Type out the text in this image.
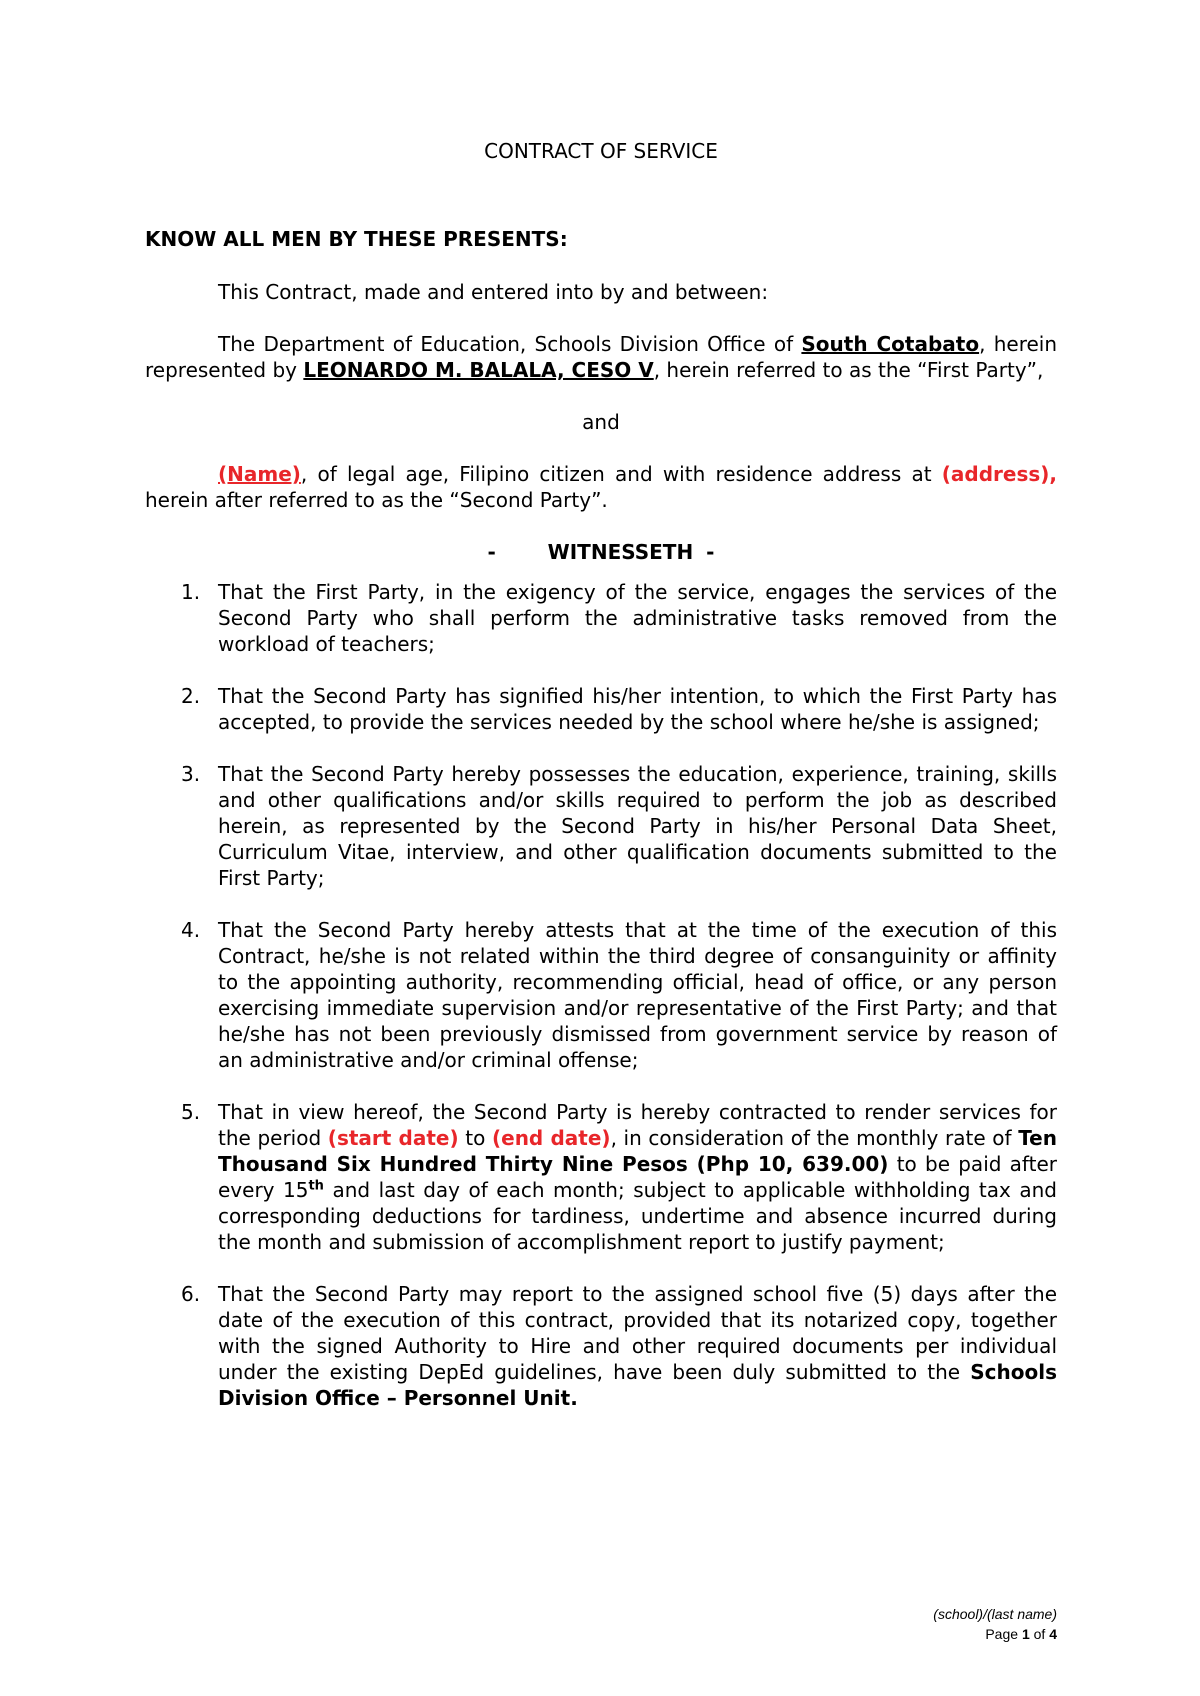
CONTRACT OF SERVICE

KNOW ALL MEN BY THESE PRESENTS:

This Contract, made and entered into by and between:

The Department of Education, Schools Division Office of South Cotabato, herein represented by LEONARDO M. BALALA, CESO V, herein referred to as the “First Party”,

and

(Name), of legal age, Filipino citizen and with residence address at (address), herein after referred to as the “Second Party”.

-    WITNESSETH -

1. That the First Party, in the exigency of the service, engages the services of the Second Party who shall perform the administrative tasks removed from the workload of teachers;
2. That the Second Party has signified his/her intention, to which the First Party has accepted, to provide the services needed by the school where he/she is assigned;
3. That the Second Party hereby possesses the education, experience, training, skills and other qualifications and/or skills required to perform the job as described herein, as represented by the Second Party in his/her Personal Data Sheet, Curriculum Vitae, interview, and other qualification documents submitted to the First Party;
4. That the Second Party hereby attests that at the time of the execution of this Contract, he/she is not related within the third degree of consanguinity or affinity to the appointing authority, recommending official, head of office, or any person exercising immediate supervision and/or representative of the First Party; and that he/she has not been previously dismissed from government service by reason of an administrative and/or criminal offense;
5. That in view hereof, the Second Party is hereby contracted to render services for the period (start date) to (end date), in consideration of the monthly rate of Ten Thousand Six Hundred Thirty Nine Pesos (Php 10, 639.00) to be paid after every 15th and last day of each month; subject to applicable withholding tax and corresponding deductions for tardiness, undertime and absence incurred during the month and submission of accomplishment report to justify payment;
6. That the Second Party may report to the assigned school five (5) days after the date of the execution of this contract, provided that its notarized copy, together with the signed Authority to Hire and other required documents per individual under the existing DepEd guidelines, have been duly submitted to the Schools Division Office – Personnel Unit.
(school)/(last name)
Page 1 of 4
